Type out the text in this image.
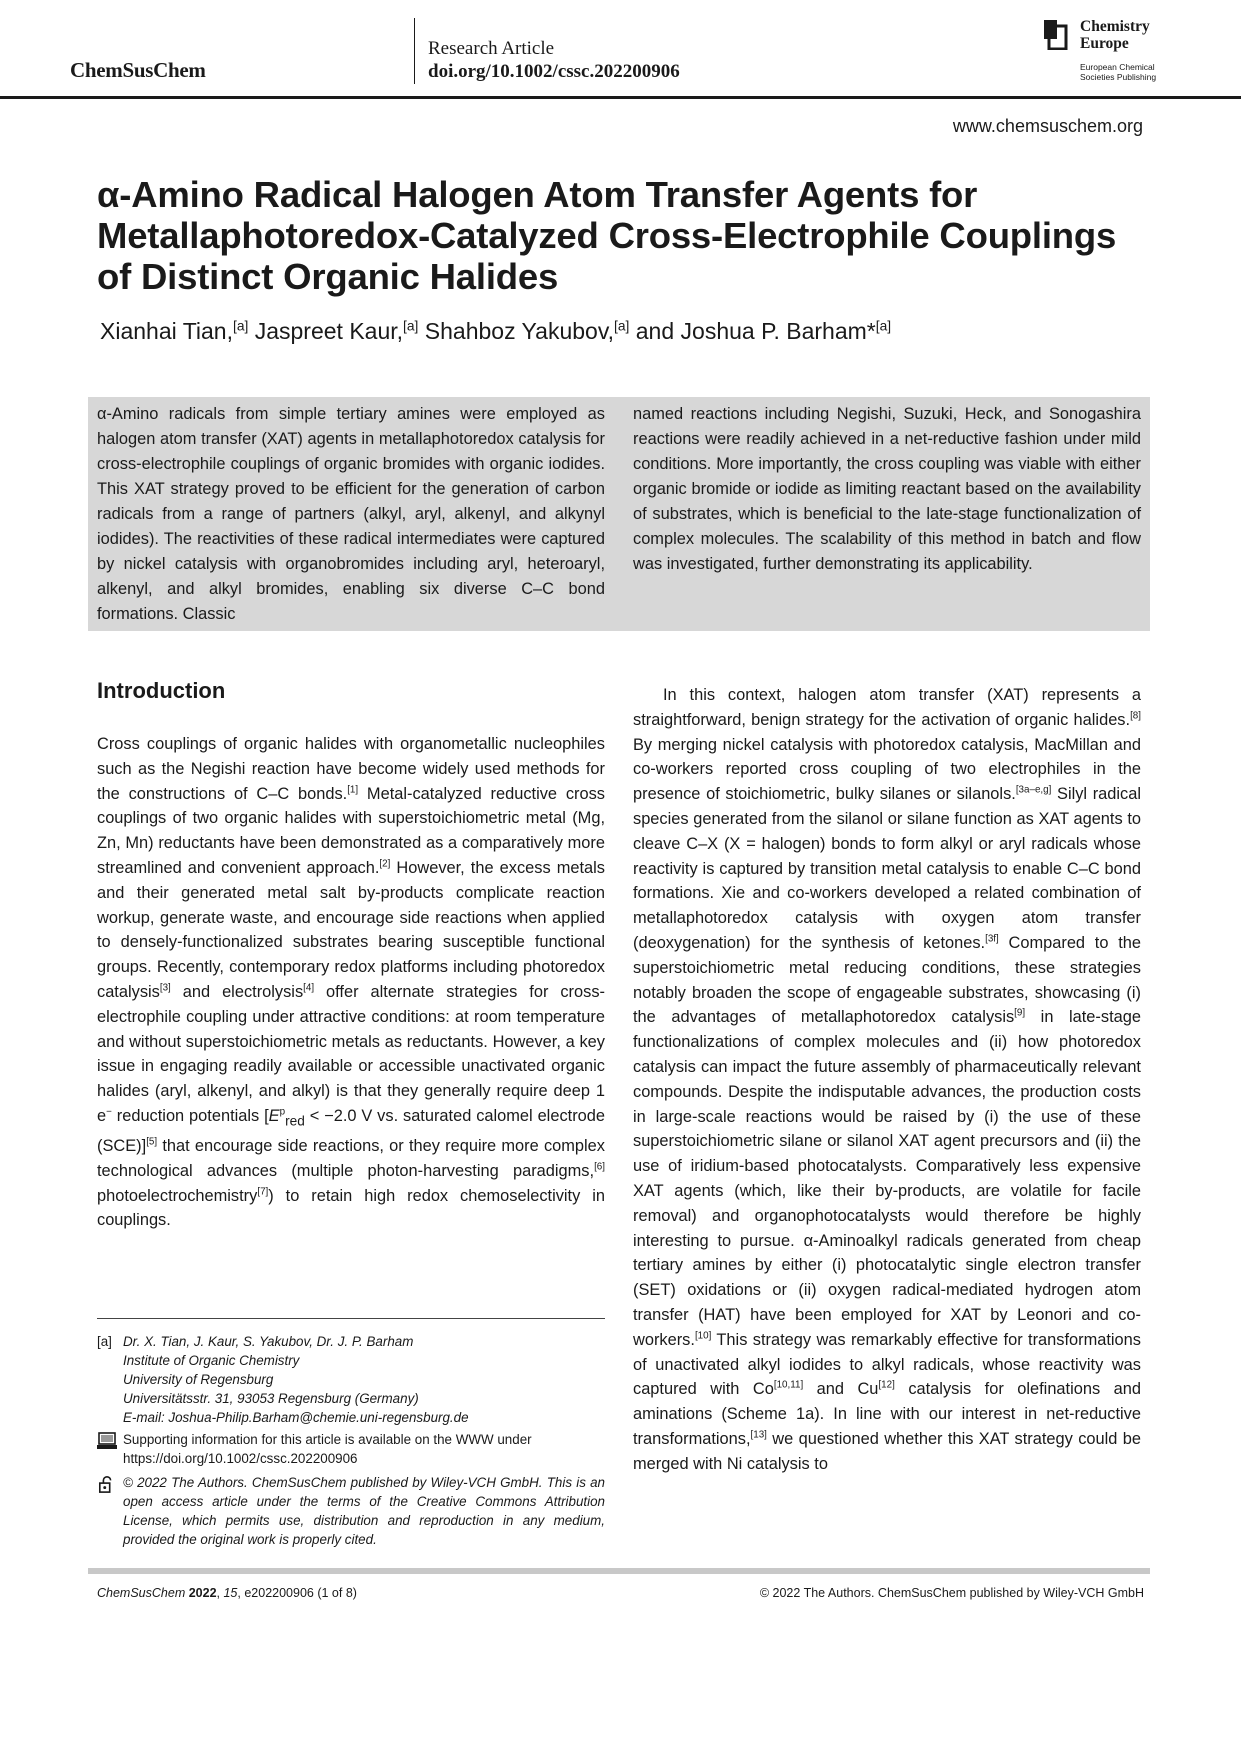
ChemSusChem
Research Article
doi.org/10.1002/cssc.202200906
Chemistry
Europe
European Chemical
Societies Publishing
www.chemsuschem.org
α-Amino Radical Halogen Atom Transfer Agents for
Metallaphotoredox-Catalyzed Cross-Electrophile Couplings
of Distinct Organic Halides
Xianhai Tian,[a] Jaspreet Kaur,[a] Shahboz Yakubov,[a] and Joshua P. Barham*[a]
α-Amino radicals from simple tertiary amines were employed as halogen atom transfer (XAT) agents in metallaphotoredox catalysis for cross-electrophile couplings of organic bromides with organic iodides. This XAT strategy proved to be efficient for the generation of carbon radicals from a range of partners (alkyl, aryl, alkenyl, and alkynyl iodides). The reactivities of these radical intermediates were captured by nickel catalysis with organobromides including aryl, heteroaryl, alkenyl, and alkyl bromides, enabling six diverse C–C bond formations. Classic
named reactions including Negishi, Suzuki, Heck, and Sonogashira reactions were readily achieved in a net-reductive fashion under mild conditions. More importantly, the cross coupling was viable with either organic bromide or iodide as limiting reactant based on the availability of substrates, which is beneficial to the late-stage functionalization of complex molecules. The scalability of this method in batch and flow was investigated, further demonstrating its applicability.
Introduction

Cross couplings of organic halides with organometallic nucleophiles such as the Negishi reaction have become widely used methods for the constructions of C–C bonds.[1] Metal-catalyzed reductive cross couplings of two organic halides with superstoichiometric metal (Mg, Zn, Mn) reductants have been demonstrated as a comparatively more streamlined and convenient approach.[2] However, the excess metals and their generated metal salt by-products complicate reaction workup, generate waste, and encourage side reactions when applied to densely-functionalized substrates bearing susceptible functional groups. Recently, contemporary redox platforms including photoredox catalysis[3] and electrolysis[4] offer alternate strategies for cross-electrophile coupling under attractive conditions: at room temperature and without superstoichiometric metals as reductants. However, a key issue in engaging readily available or accessible unactivated organic halides (aryl, alkenyl, and alkyl) is that they generally require deep 1 e− reduction potentials [$E^p_{red} < -2.0$ V vs. saturated calomel electrode (SCE)][5] that encourage side reactions, or they require more complex technological advances (multiple photon-harvesting paradigms,[6] photoelectrochemistry[7]) to retain high redox chemoselectivity in couplings.

In this context, halogen atom transfer (XAT) represents a straightforward, benign strategy for the activation of organic halides.[8] By merging nickel catalysis with photoredox catalysis, MacMillan and co-workers reported cross coupling of two electrophiles in the presence of stoichiometric, bulky silanes or silanols.[3a–e,g] Silyl radical species generated from the silanol or silane function as XAT agents to cleave C–X (X = halogen) bonds to form alkyl or aryl radicals whose reactivity is captured by transition metal catalysis to enable C–C bond formations. Xie and co-workers developed a related combination of metallaphotoredox catalysis with oxygen atom transfer (deoxygenation) for the synthesis of ketones.[3f] Compared to the superstoichiometric metal reducing conditions, these strategies notably broaden the scope of engageable substrates, showcasing (i) the advantages of metallaphotoredox catalysis[9] in late-stage functionalizations of complex molecules and (ii) how photoredox catalysis can impact the future assembly of pharmaceutically relevant compounds. Despite the indisputable advances, the production costs in large-scale reactions would be raised by (i) the use of these superstoichiometric silane or silanol XAT agent precursors and (ii) the use of iridium-based photocatalysts. Comparatively less expensive XAT agents (which, like their by-products, are volatile for facile removal) and organophotocatalysts would therefore be highly interesting to pursue. α-Aminoalkyl radicals generated from cheap tertiary amines by either (i) photocatalytic single electron transfer (SET) oxidations or (ii) oxygen radical-mediated hydrogen atom transfer (HAT) have been employed for XAT by Leonori and co-workers.[10] This strategy was remarkably effective for transformations of unactivated alkyl iodides to alkyl radicals, whose reactivity was captured with Co[10,11] and Cu[12] catalysis for olefinations and aminations (Scheme 1a). In line with our interest in net-reductive transformations,[13] we questioned whether this XAT strategy could be merged with Ni catalysis to

[a] Dr. X. Tian, J. Kaur, S. Yakubov, Dr. J. P. Barham
Institute of Organic Chemistry
University of Regensburg
Universitätsstr. 31, 93053 Regensburg (Germany)
E-mail: Joshua-Philip.Barham@chemie.uni-regensburg.de
Supporting information for this article is available on the WWW under https://doi.org/10.1002/cssc.202200906
© 2022 The Authors. ChemSusChem published by Wiley-VCH GmbH. This is an open access article under the terms of the Creative Commons Attribution License, which permits use, distribution and reproduction in any medium, provided the original work is properly cited.
ChemSusChem 2022, 15, e202200906 (1 of 8)	© 2022 The Authors. ChemSusChem published by Wiley-VCH GmbH
